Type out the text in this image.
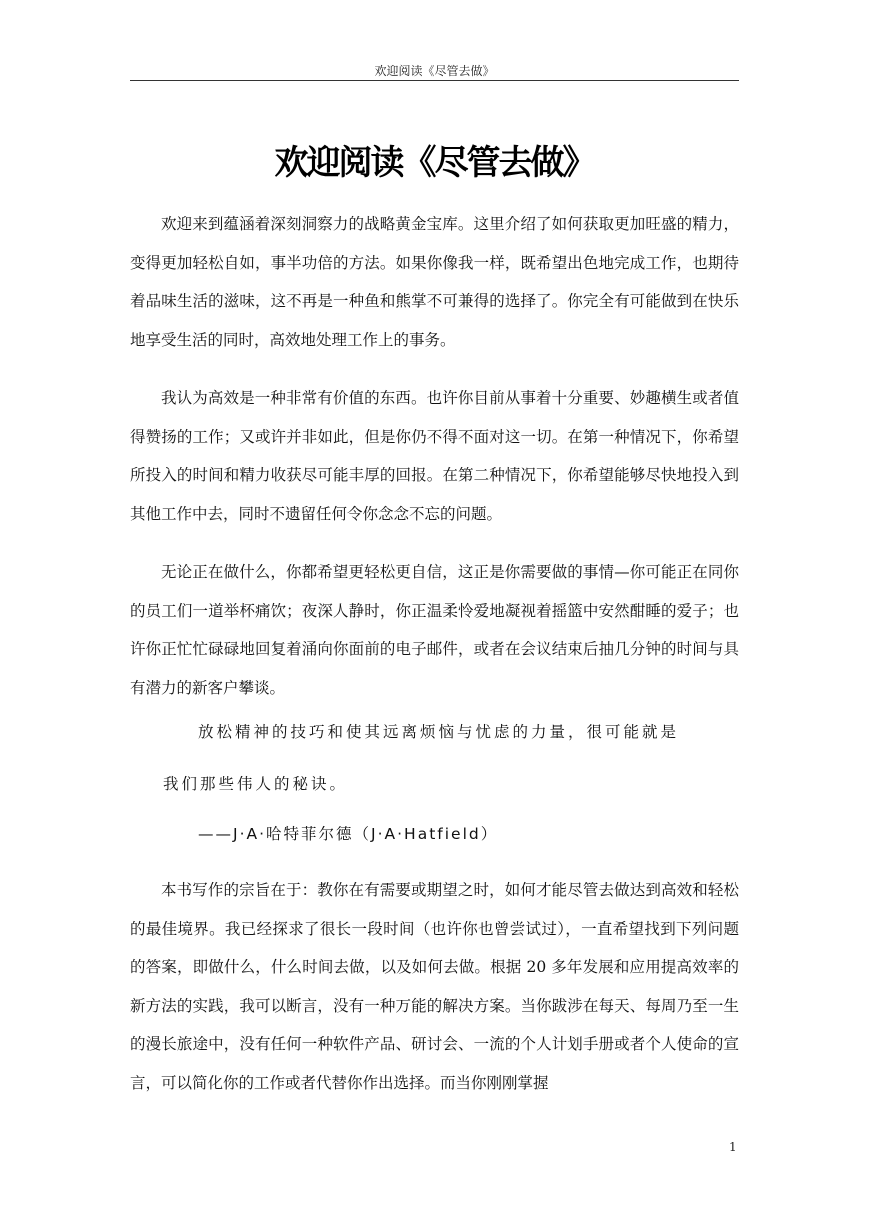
欢迎阅读《尽管去做》
欢迎阅读《尽管去做》

欢迎来到蕴涵着深刻洞察力的战略黄金宝库。这里介绍了如何获取更加旺盛的精力，变得更加轻松自如，事半功倍的方法。如果你像我一样，既希望出色地完成工作，也期待着品味生活的滋味，这不再是一种鱼和熊掌不可兼得的选择了。你完全有可能做到在快乐地享受生活的同时，高效地处理工作上的事务。

我认为高效是一种非常有价值的东西。也许你目前从事着十分重要、妙趣横生或者值得赞扬的工作；又或许并非如此，但是你仍不得不面对这一切。在第一种情况下，你希望所投入的时间和精力收获尽可能丰厚的回报。在第二种情况下，你希望能够尽快地投入到其他工作中去，同时不遗留任何令你念念不忘的问题。

无论正在做什么，你都希望更轻松更自信，这正是你需要做的事情—你可能正在同你的员工们一道举杯痛饮；夜深人静时，你正温柔怜爱地凝视着摇篮中安然酣睡的爱子；也许你正忙忙碌碌地回复着涌向你面前的电子邮件，或者在会议结束后抽几分钟的时间与具有潜力的新客户攀谈。

放松精神的技巧和使其远离烦恼与忧虑的力量，很可能就是

我们那些伟人的秘诀。

——J·A·哈特菲尔德（J·A·Hatfield）

本书写作的宗旨在于：教你在有需要或期望之时，如何才能尽管去做达到高效和轻松的最佳境界。我已经探求了很长一段时间（也许你也曾尝试过），一直希望找到下列问题的答案，即做什么，什么时间去做，以及如何去做。根据 20 多年发展和应用提高效率的新方法的实践，我可以断言，没有一种万能的解决方案。当你跋涉在每天、每周乃至一生的漫长旅途中，没有任何一种软件产品、研讨会、一流的个人计划手册或者个人使命的宣言，可以简化你的工作或者代替你作出选择。而当你刚刚掌握

1
